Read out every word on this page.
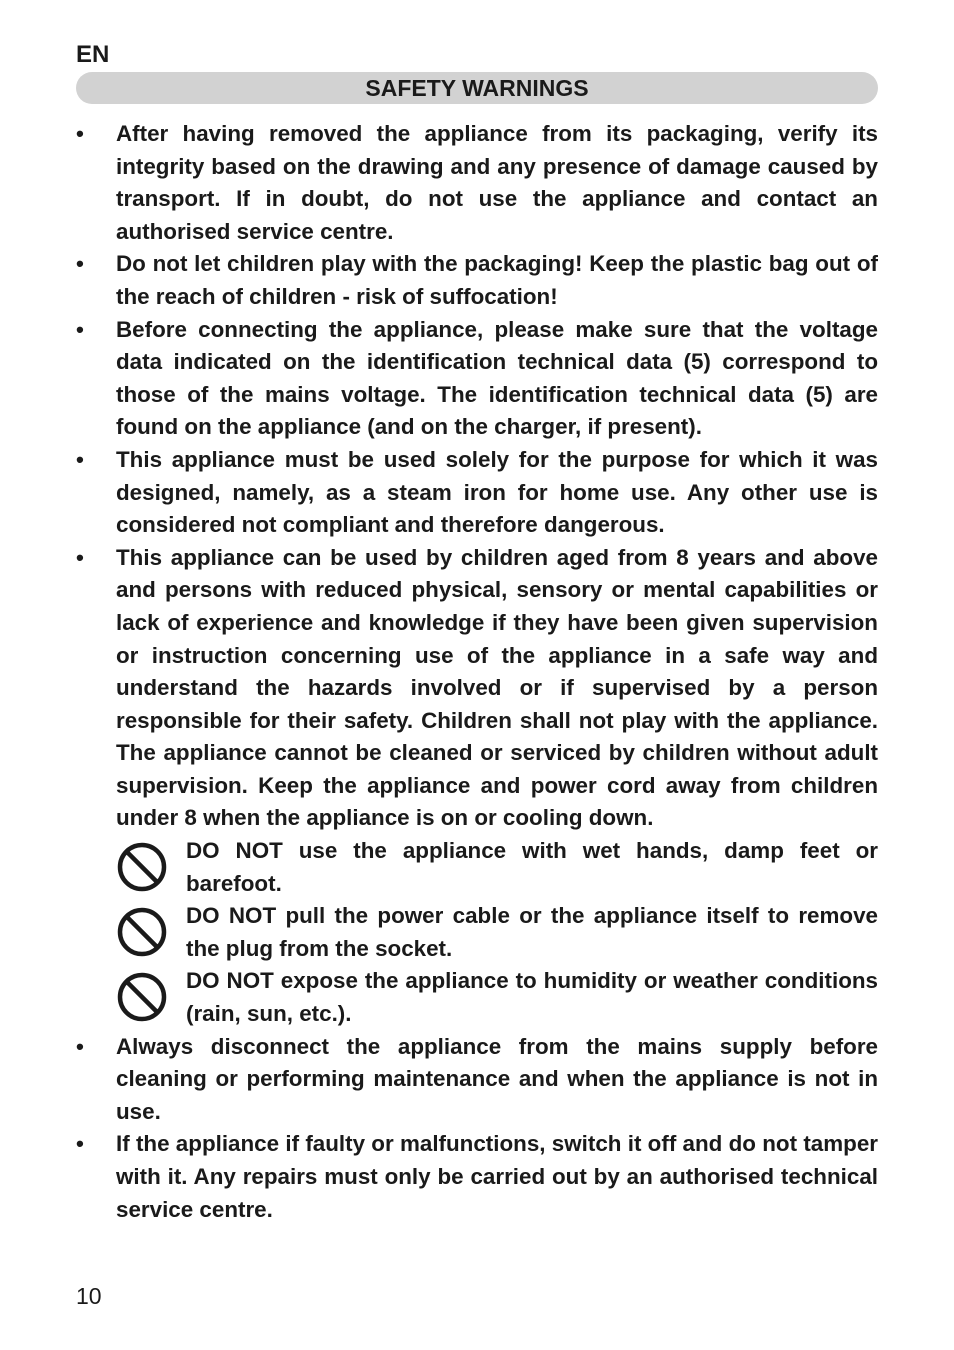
EN
SAFETY WARNINGS
• After having removed the appliance from its packaging, verify its integrity based on the drawing and any presence of damage caused by transport. If in doubt, do not use the appliance and contact an authorised service centre.
• Do not let children play with the packaging! Keep the plastic bag out of the reach of children - risk of suffocation!
• Before connecting the appliance, please make sure that the voltage data indicated on the identification technical data (5) correspond to those of the mains voltage. The identification technical data (5) are found on the appliance (and on the charger, if present).
• This appliance must be used solely for the purpose for which it was designed, namely, as a steam iron for home use. Any other use is considered not compliant and therefore dangerous.
• This appliance can be used by children aged from 8 years and above and persons with reduced physical, sensory or mental capabilities or lack of experience and knowledge if they have been given supervision or instruction concerning use of the appliance in a safe way and understand the hazards involved or if supervised by a person responsible for their safety. Children shall not play with the appliance. The appliance cannot be cleaned or serviced by children without adult supervision. Keep the appliance and power cord away from children under 8 when the appliance is on or cooling down.
DO NOT use the appliance with wet hands, damp feet or barefoot.
DO NOT pull the power cable or the appliance itself to remove the plug from the socket.
DO NOT expose the appliance to humidity or weather conditions (rain, sun, etc.).
• Always disconnect the appliance from the mains supply before cleaning or performing maintenance and when the appliance is not in use.
• If the appliance if faulty or malfunctions, switch it off and do not tamper with it. Any repairs must only be carried out by an authorised technical service centre.
10
